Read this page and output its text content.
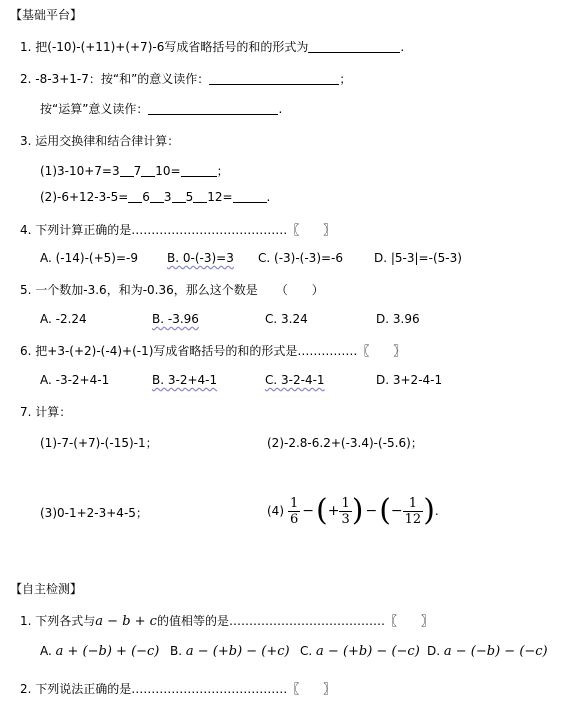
【基础平台】
1. 把(-10)-(+11)+(+7)-6写成省略括号的和的形式为	.
2. -8-3+1-7：按“和”的意义读作：	；
按“运算”意义读作：	.
3. 运用交换律和结合律计算：
(1)3-10+7=3 7 10=	；
(2)-6+12-3-5= 6 3 5 12=	.
4. 下列计算正确的是…………………………………〖　　〗
A. (-14)-(+5)=-9 B. 0-(-3)=3 C. (-3)-(-3)=-6	D. |5-3|=-(5-3)
5. 一个数加-3.6，和为-0.36，那么这个数是 （　　）
A. -2.24	B. -3.96	C. 3.24	D. 3.96
6. 把+3-(+2)-(-4)+(-1)写成省略括号的和的形式是……………〖　　〗
A. -3-2+4-1	B. 3-2+4-1	C. 3-2-4-1	D. 3+2-4-1
7. 计算：
(1)-7-(+7)-(-15)-1；	(2)-2.8-6.2+(-3.4)-(-5.6)；
(3)0-1+2-3+4-5；	$(4) \frac{1}{6}$ − ( + $\frac{1}{3}$ ) − ( − $\frac{1}{12}$ ) .
【自主检测】
1. 下列各式与a − b + c的值相等的是…………………………………〖　　〗
A. a + (−b) + (−c) B. a − (+b) − (+c) C. a − (+b) − (−c) D. a − (−b) − (−c)
2. 下列说法正确的是…………………………………〖　　〗
